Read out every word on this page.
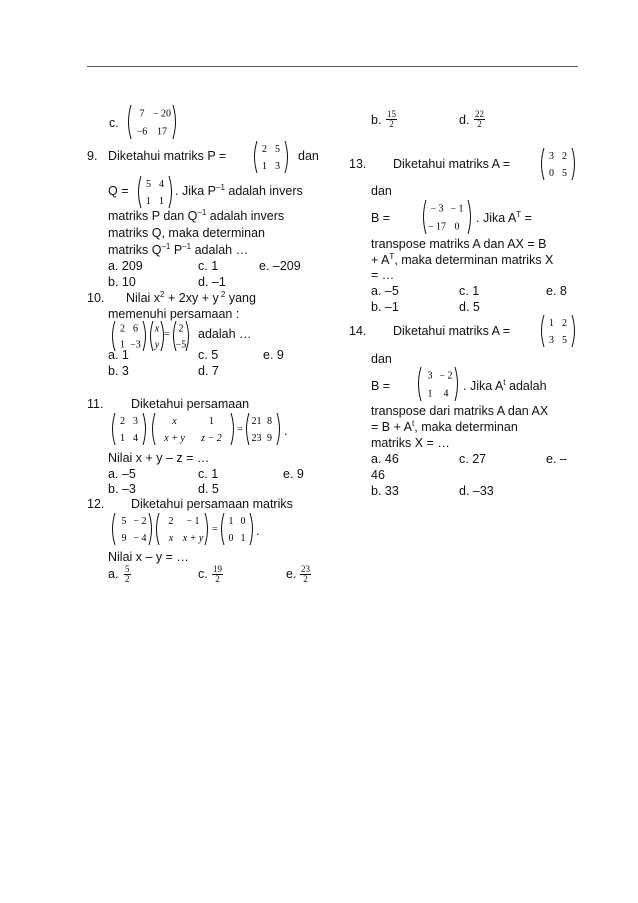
c.
7 − 20
−6 17
9. Diketahui matriks P =	2 5
1 3
dan
Q = 5 4
1 1
. Jika $P^{-1}$ adalah invers
matriks P dan $Q^{-1}$ adalah invers
matriks Q, maka determinan
matriks $Q^{-1}$ $P^{-1}$ adalah …
a. 209	c. 1	e. –209
b. 10	d. –1
10. Nilai $x^2 + 2xy + y$ $^2$ yang
memenuhi persamaan :
2 6
1 −3
x
y
= 2
−5
adalah …
a. 1	c. 5	e. 9
b. 3	d. 7
11. Diketahui persamaan
2 3
1 4
x	1
x + y z − 2
=
21 8
23 9
.
Nilai x + y – z = …
a. –5	c. 1	e. 9
b. –3	d. 5
12. Diketahui persamaan matriks
5 − 2
9 − 4
2 − 1
x x + y
=
1 0
0 1
.
Nilai x – y = …
a. $\frac{5}{2}$	c. $\frac{19}{2}$	e. $\frac{23}{2}$
b. $\frac{15}{2}$	d. $\frac{22}{2}$
13. Diketahui matriks A =
3 2
0 5
dan
B =
− 3 − 1
− 17 0
. Jika $A^T$ =
transpose matriks A dan AX = B
+ $A^T$, maka determinan matriks X
= …
a. –5	c. 1	e. 8
b. –1	d. 5
14. Diketahui matriks A =
1 2
3 5
dan
B =
3 − 2
1 4
. Jika $A^t$ adalah
transpose dari matriks A dan AX
= $B + A^t$, maka determinan
matriks X = …
a. 46	c. 27	e. –
46
b. 33	d. –33
